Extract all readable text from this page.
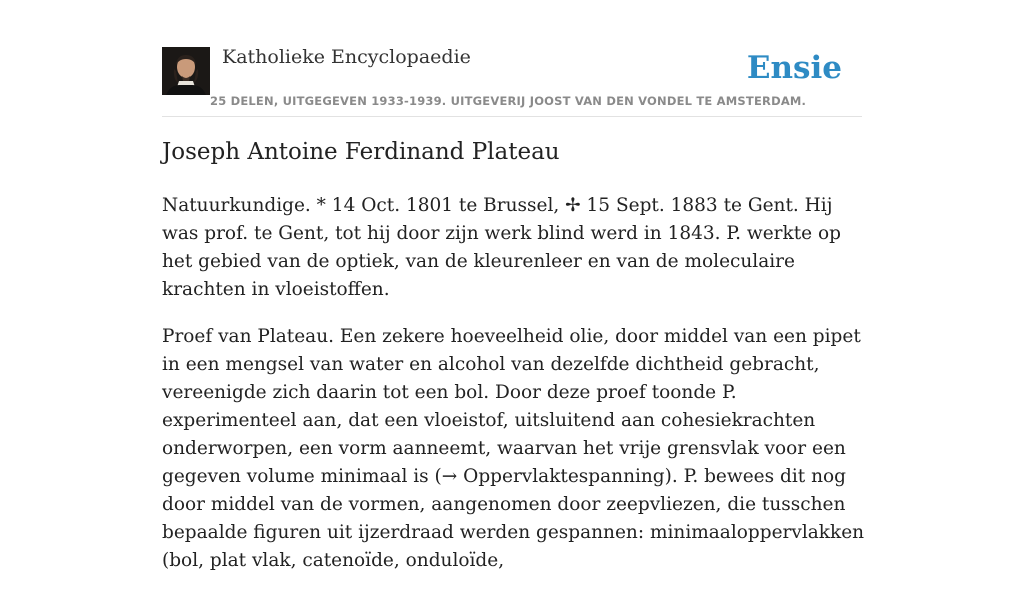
Katholieke Encyclopaedie
25 DELEN, UITGEGEVEN 1933-1939. UITGEVERIJ JOOST VAN DEN VONDEL TE AMSTERDAM.
Ensie
Joseph Antoine Ferdinand Plateau

Natuurkundige. * 14 Oct. 1801 te Brussel, ✢ 15 Sept. 1883 te Gent. Hij was prof. te Gent, tot hij door zijn werk blind werd in 1843. P. werkte op het gebied van de optiek, van de kleurenleer en van de moleculaire krachten in vloeistoffen.

Proef van Plateau. Een zekere hoeveelheid olie, door middel van een pipet in een mengsel van water en alcohol van dezelfde dichtheid gebracht, vereenigde zich daarin tot een bol. Door deze proef toonde P. experimenteel aan, dat een vloeistof, uitsluitend aan cohesiekrachten onderworpen, een vorm aanneemt, waarvan het vrije grensvlak voor een gegeven volume minimaal is (→ Oppervlaktespanning). P. bewees dit nog door middel van de vormen, aangenomen door zeepvliezen, die tusschen bepaalde figuren uit ijzerdraad werden gespannen: minimaaloppervlakken (bol, plat vlak, catenoïde, onduloïde,
